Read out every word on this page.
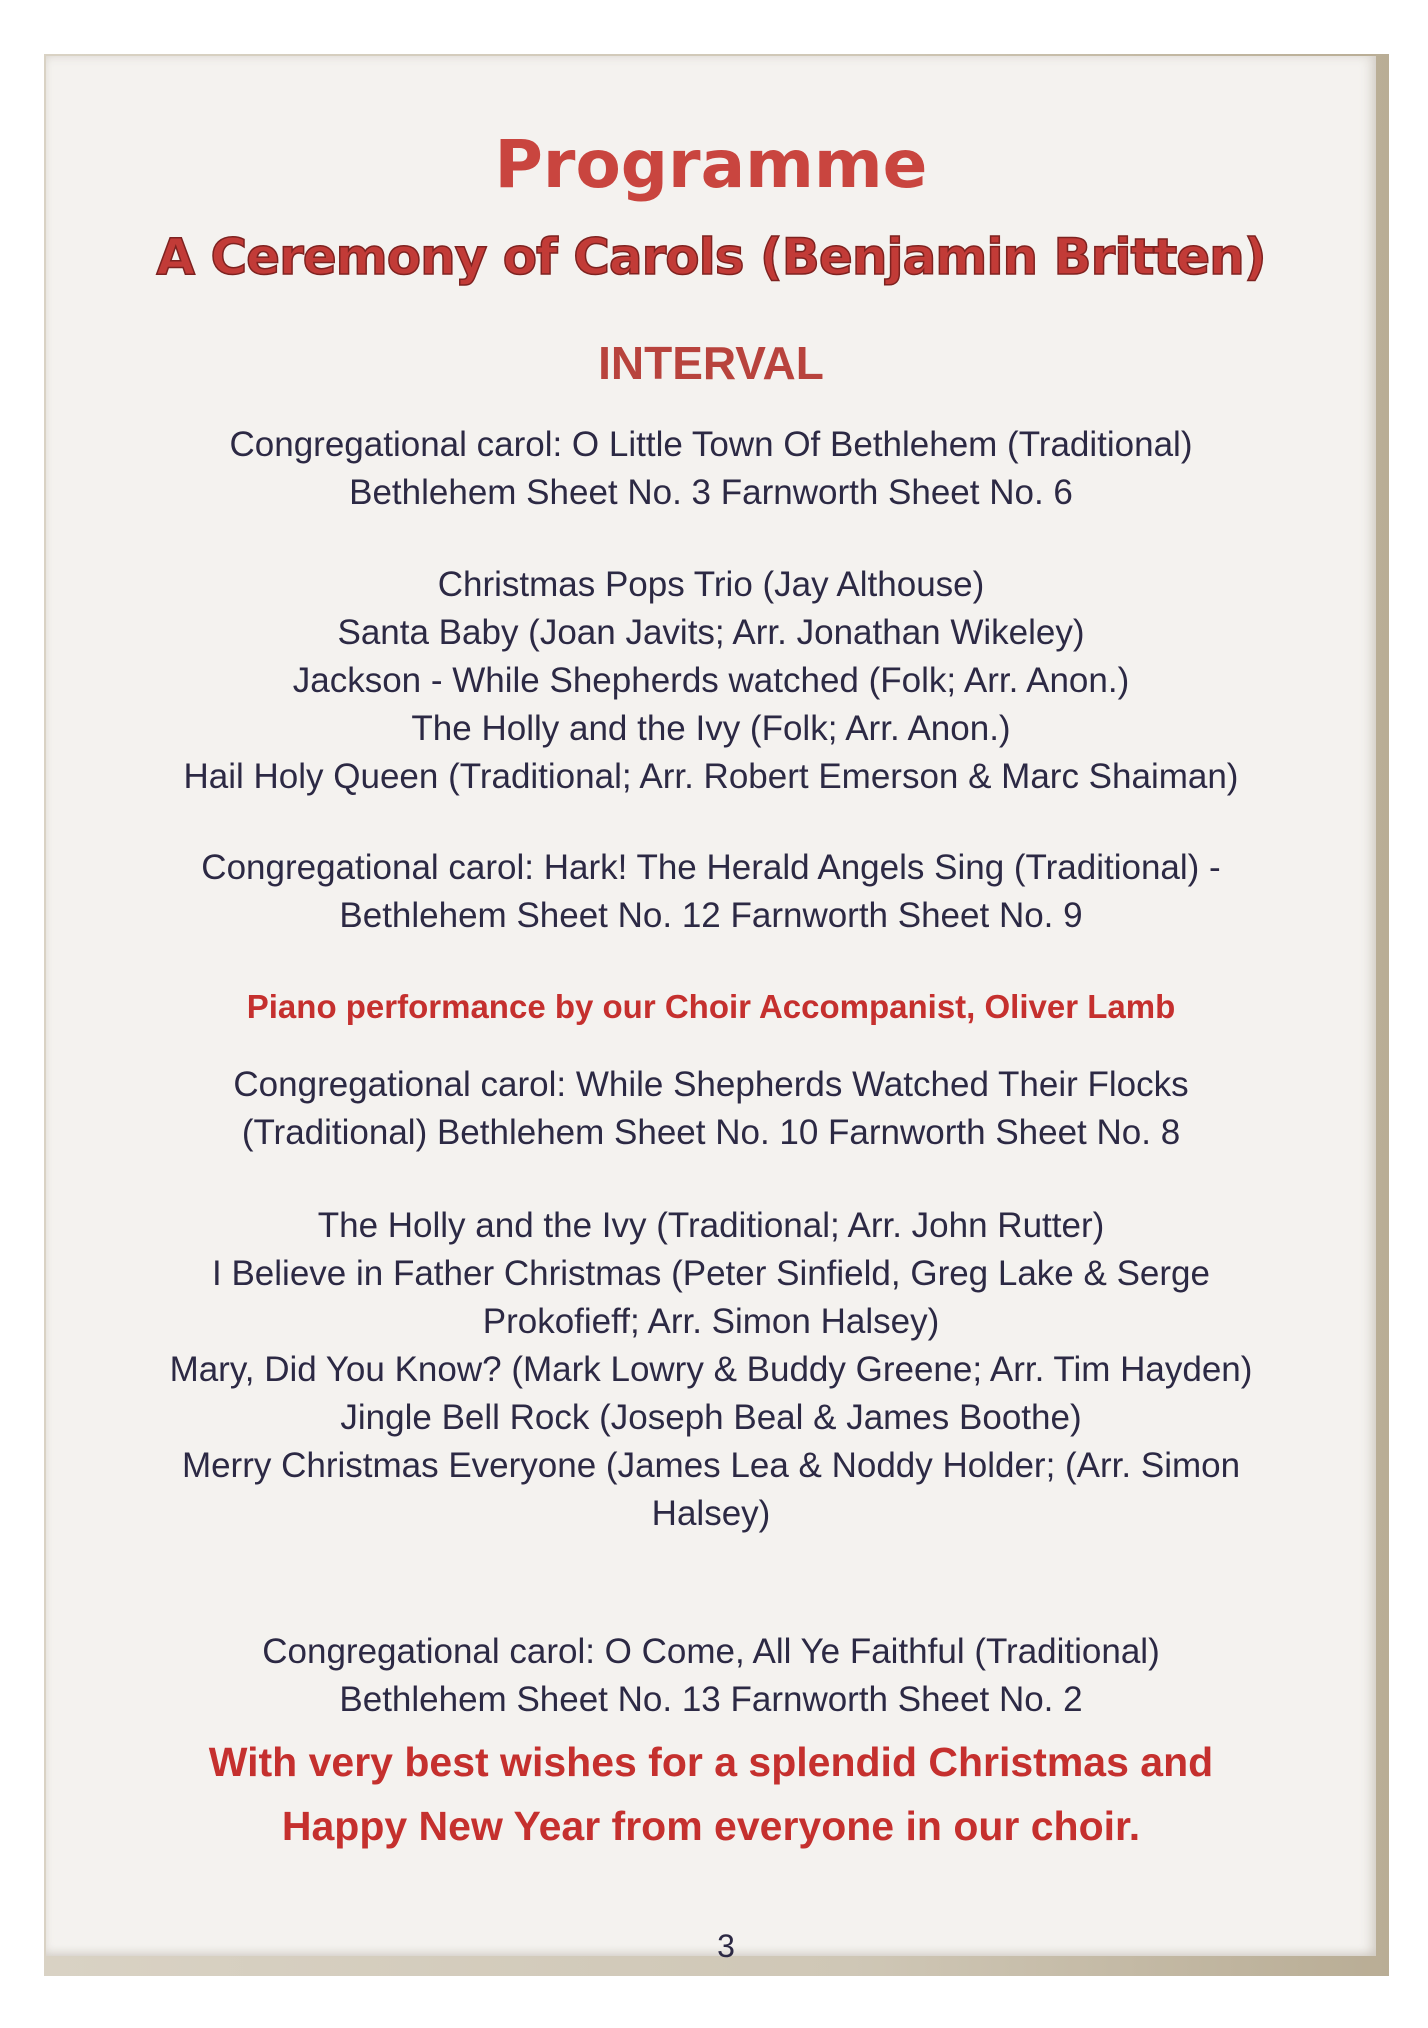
Programme
A Ceremony of Carols (Benjamin Britten)
INTERVAL
Congregational carol: O Little Town Of Bethlehem (Traditional)
Bethlehem Sheet No. 3 Farnworth Sheet No. 6
Christmas Pops Trio (Jay Althouse)
Santa Baby (Joan Javits; Arr. Jonathan Wikeley)
Jackson - While Shepherds watched (Folk; Arr. Anon.)
The Holly and the Ivy (Folk; Arr. Anon.)
Hail Holy Queen (Traditional; Arr. Robert Emerson & Marc Shaiman)
Congregational carol: Hark! The Herald Angels Sing (Traditional) -
Bethlehem Sheet No. 12 Farnworth Sheet No. 9
Piano performance by our Choir Accompanist, Oliver Lamb
Congregational carol: While Shepherds Watched Their Flocks
(Traditional) Bethlehem Sheet No. 10 Farnworth Sheet No. 8
The Holly and the Ivy (Traditional; Arr. John Rutter)
I Believe in Father Christmas (Peter Sinfield, Greg Lake & Serge
Prokofieff; Arr. Simon Halsey)
Mary, Did You Know? (Mark Lowry & Buddy Greene; Arr. Tim Hayden)
Jingle Bell Rock (Joseph Beal & James Boothe)
Merry Christmas Everyone (James Lea & Noddy Holder; (Arr. Simon
Halsey)
Congregational carol: O Come, All Ye Faithful (Traditional)
Bethlehem Sheet No. 13 Farnworth Sheet No. 2
With very best wishes for a splendid Christmas and
Happy New Year from everyone in our choir.
3
